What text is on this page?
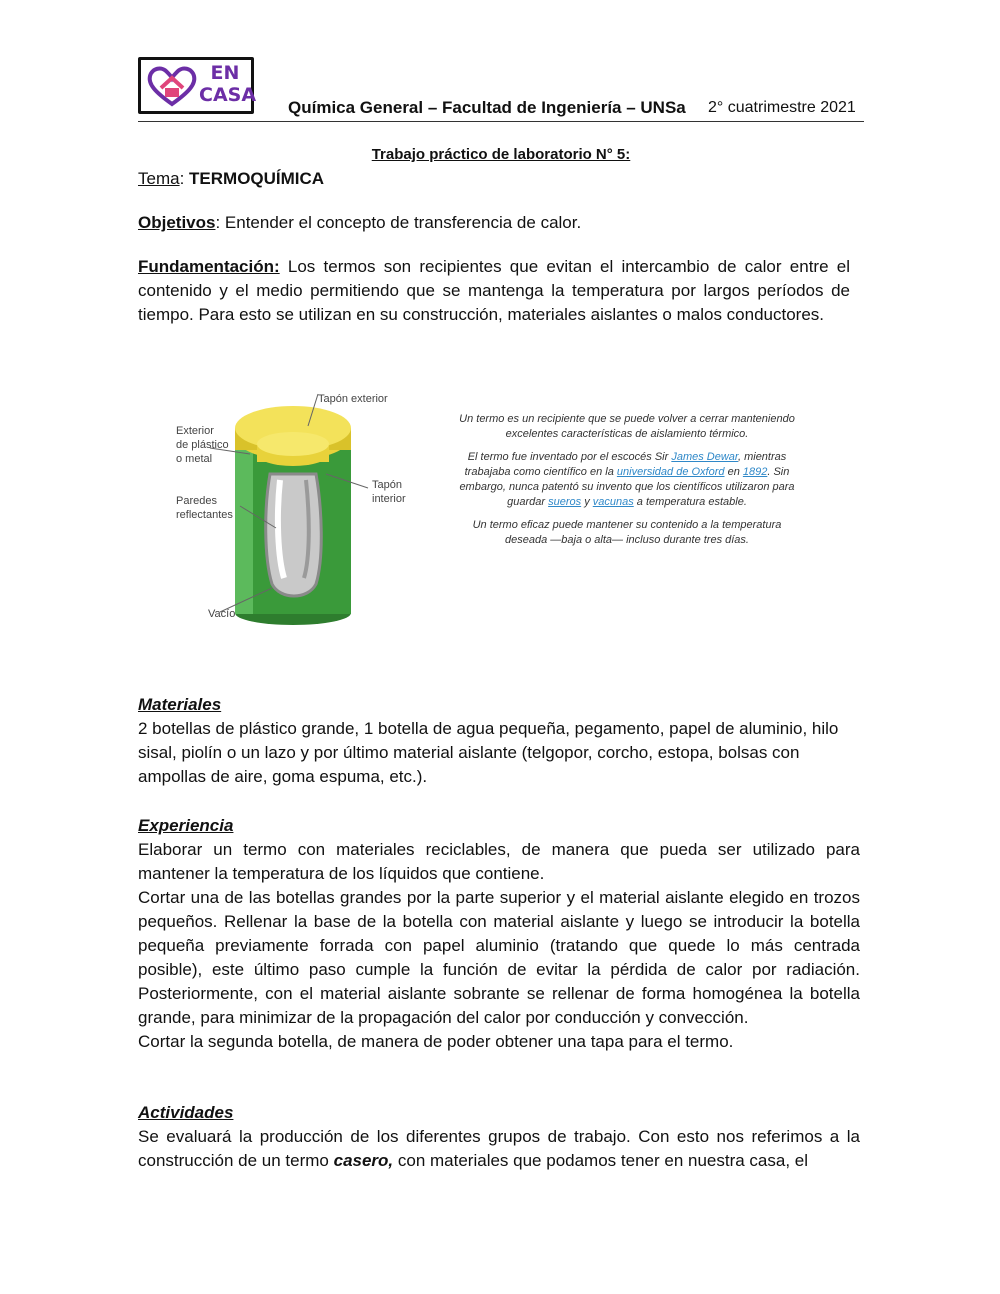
EN
CASA
Química General – Facultad de Ingeniería – UNSa 2° cuatrimestre 2021
Trabajo práctico de laboratorio N° 5:
Tema: TERMOQUÍMICA
Objetivos: Entender el concepto de transferencia de calor.
Fundamentación: Los termos son recipientes que evitan el intercambio de calor entre el contenido y el medio permitiendo que se mantenga la temperatura por largos períodos de tiempo. Para esto se utilizan en su construcción, materiales aislantes o malos conductores.
Tapón exterior
Exterior
de plástico
o metal
Paredes
reflectantes
Tapón
interior
Vacío

Un termo es un recipiente que se puede volver a cerrar manteniendo excelentes características de aislamiento térmico.

El termo fue inventado por el escocés Sir James Dewar, mientras trabajaba como científico en la universidad de Oxford en 1892. Sin embargo, nunca patentó su invento que los científicos utilizaron para guardar sueros y vacunas a temperatura estable.

Un termo eficaz puede mantener su contenido a la temperatura deseada —baja o alta— incluso durante tres días.

Materiales
2 botellas de plástico grande, 1 botella de agua pequeña, pegamento, papel de aluminio, hilo sisal, piolín o un lazo y por último material aislante (telgopor, corcho, estopa, bolsas con ampollas de aire, goma espuma, etc.).
Experiencia
Elaborar un termo con materiales reciclables, de manera que pueda ser utilizado para mantener la temperatura de los líquidos que contiene.
Cortar una de las botellas grandes por la parte superior y el material aislante elegido en trozos pequeños. Rellenar la base de la botella con material aislante y luego se introducir la botella pequeña previamente forrada con papel aluminio (tratando que quede lo más centrada posible), este último paso cumple la función de evitar la pérdida de calor por radiación. Posteriormente, con el material aislante sobrante se rellenar de forma homogénea la botella grande, para minimizar de la propagación del calor por conducción y convección.
Cortar la segunda botella, de manera de poder obtener una tapa para el termo.
Actividades
Se evaluará la producción de los diferentes grupos de trabajo. Con esto nos referimos a la construcción de un termo casero, con materiales que podamos tener en nuestra casa, el
